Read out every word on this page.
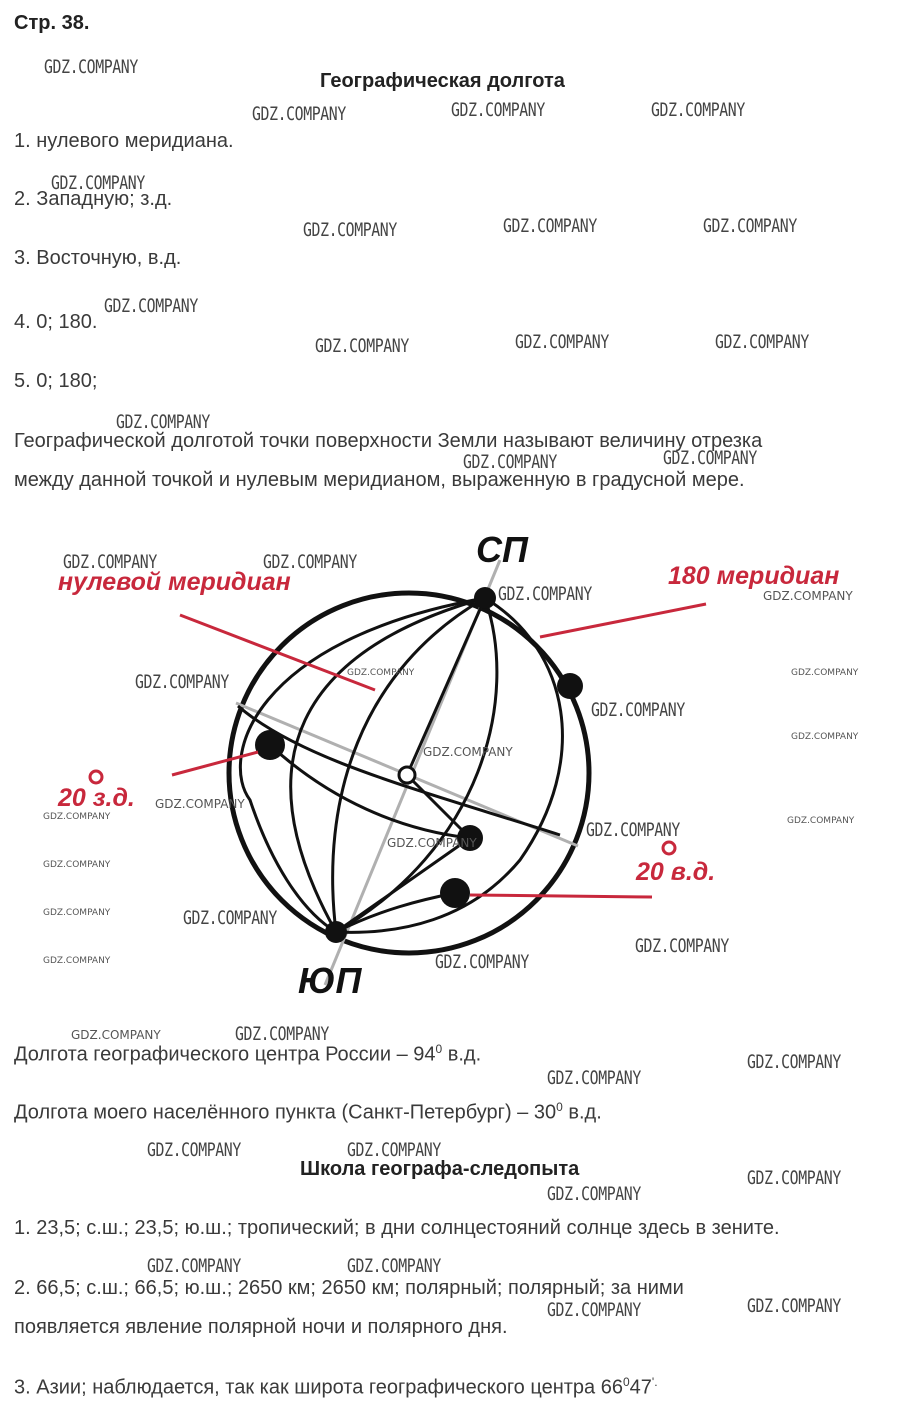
Стр. 38.
Географическая долгота
1. нулевого меридиана.
2. Западную; з.д.
3. Восточную, в.д.
4. 0; 180.
5. 0; 180;
Географической долготой точки поверхности Земли называют величину отрезка
между данной точкой и нулевым меридианом, выраженную в градусной мере.
СП
ЮП
нулевой меридиан	180 меридиан
20 з.д.
20 в.д.
Долгота географического центра России – $94^0$ в.д.
Долгота моего населённого пункта (Санкт-Петербург) – $30^0$ в.д.
Школа географа-следопыта
1. 23,5; с.ш.; 23,5; ю.ш.; тропический; в дни солнцестояний солнце здесь в зените.
2. 66,5; с.ш.; 66,5; ю.ш.; 2650 км; 2650 км; полярный; полярный; за ними
появляется явление полярной ночи и полярного дня.
3. Азии; наблюдается, так как широта географического центра $66^047^{'.}$
GDZ.COMPANY
GDZ.COMPANY	GDZ.COMPANY	GDZ.COMPANY
GDZ.COMPANY
GDZ.COMPANY	GDZ.COMPANY	GDZ.COMPANY
GDZ.COMPANY
GDZ.COMPANY	GDZ.COMPANY	GDZ.COMPANY
GDZ.COMPANY
GDZ.COMPANY	GDZ.COMPANY
GDZ.COMPANY	GDZ.COMPANY
GDZ.COMPANY
GDZ.COMPANY
GDZ.COMPANY
GDZ.COMPANY
GDZ.COMPANY
GDZ.COMPANY
GDZ.COMPANY
GDZ.COMPANY
GDZ.COMPANY
GDZ.COMPANY
GDZ.COMPANY	GDZ.COMPANY
GDZ.COMPANY
GDZ.COMPANY
GDZ.COMPANY	GDZ.COMPANY
GDZ.COMPANY	GDZ.COMPANY
GDZ.COMPANY
GDZ.COMPANY
GDZ.COMPANY
GDZ.COMPANY
GDZ.COMPANY
GDZ.COMPANY
GDZ.COMPANY
GDZ.COMPANY
GDZ.COMPANY
GDZ.COMPANY
GDZ.COMPANY
GDZ.COMPANY
GDZ.COMPANY
